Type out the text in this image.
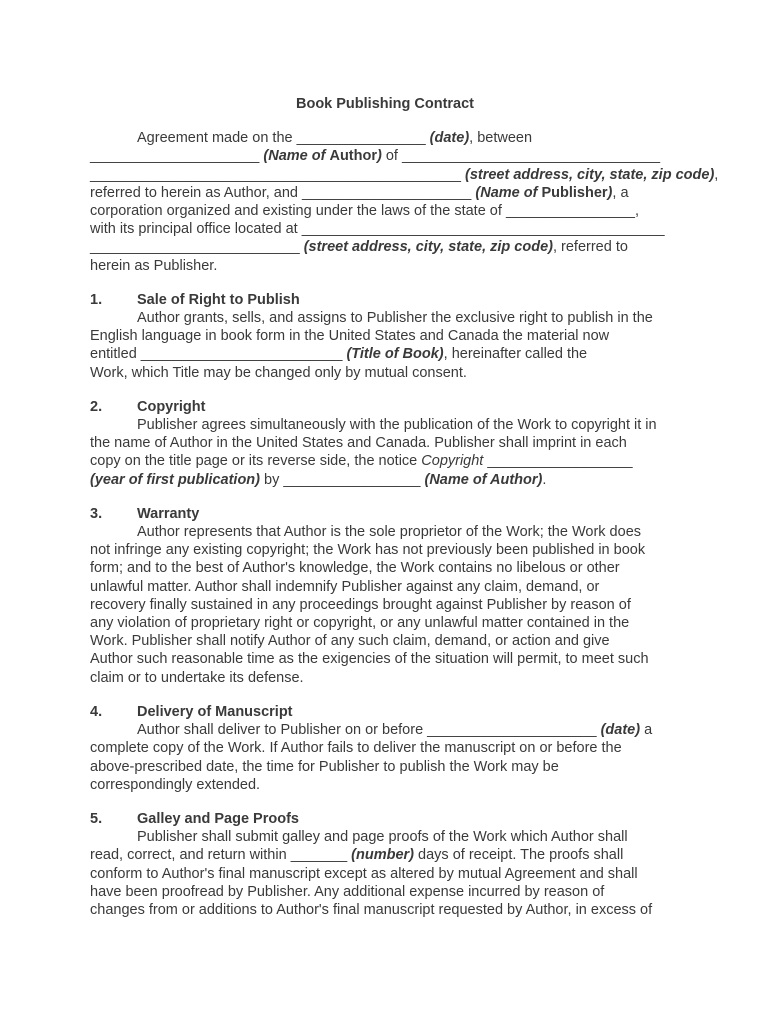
Book Publishing Contract
Agreement made on the ________________ (date), between
_____________________ (Name of Author) of ________________________________
______________________________________________ (street address, city, state, zip code),
referred to herein as Author, and _____________________ (Name of Publisher), a
corporation organized and existing under the laws of the state of ________________,
with its principal office located at _____________________________________________
__________________________ (street address, city, state, zip code), referred to
herein as Publisher.
1. Sale of Right to Publish
Author grants, sells, and assigns to Publisher the exclusive right to publish in the
English language in book form in the United States and Canada the material now
entitled _________________________ (Title of Book), hereinafter called the
Work, which Title may be changed only by mutual consent.
2. Copyright
Publisher agrees simultaneously with the publication of the Work to copyright it in
the name of Author in the United States and Canada. Publisher shall imprint in each
copy on the title page or its reverse side, the notice Copyright __________________
(year of first publication) by _________________ (Name of Author).
3. Warranty
Author represents that Author is the sole proprietor of the Work; the Work does
not infringe any existing copyright; the Work has not previously been published in book
form; and to the best of Author's knowledge, the Work contains no libelous or other
unlawful matter. Author shall indemnify Publisher against any claim, demand, or
recovery finally sustained in any proceedings brought against Publisher by reason of
any violation of proprietary right or copyright, or any unlawful matter contained in the
Work. Publisher shall notify Author of any such claim, demand, or action and give
Author such reasonable time as the exigencies of the situation will permit, to meet such
claim or to undertake its defense.
4. Delivery of Manuscript
Author shall deliver to Publisher on or before _____________________ (date) a
complete copy of the Work. If Author fails to deliver the manuscript on or before the
above-prescribed date, the time for Publisher to publish the Work may be
correspondingly extended.
5. Galley and Page Proofs
Publisher shall submit galley and page proofs of the Work which Author shall
read, correct, and return within _______ (number) days of receipt. The proofs shall
conform to Author's final manuscript except as altered by mutual Agreement and shall
have been proofread by Publisher. Any additional expense incurred by reason of
changes from or additions to Author's final manuscript requested by Author, in excess of
